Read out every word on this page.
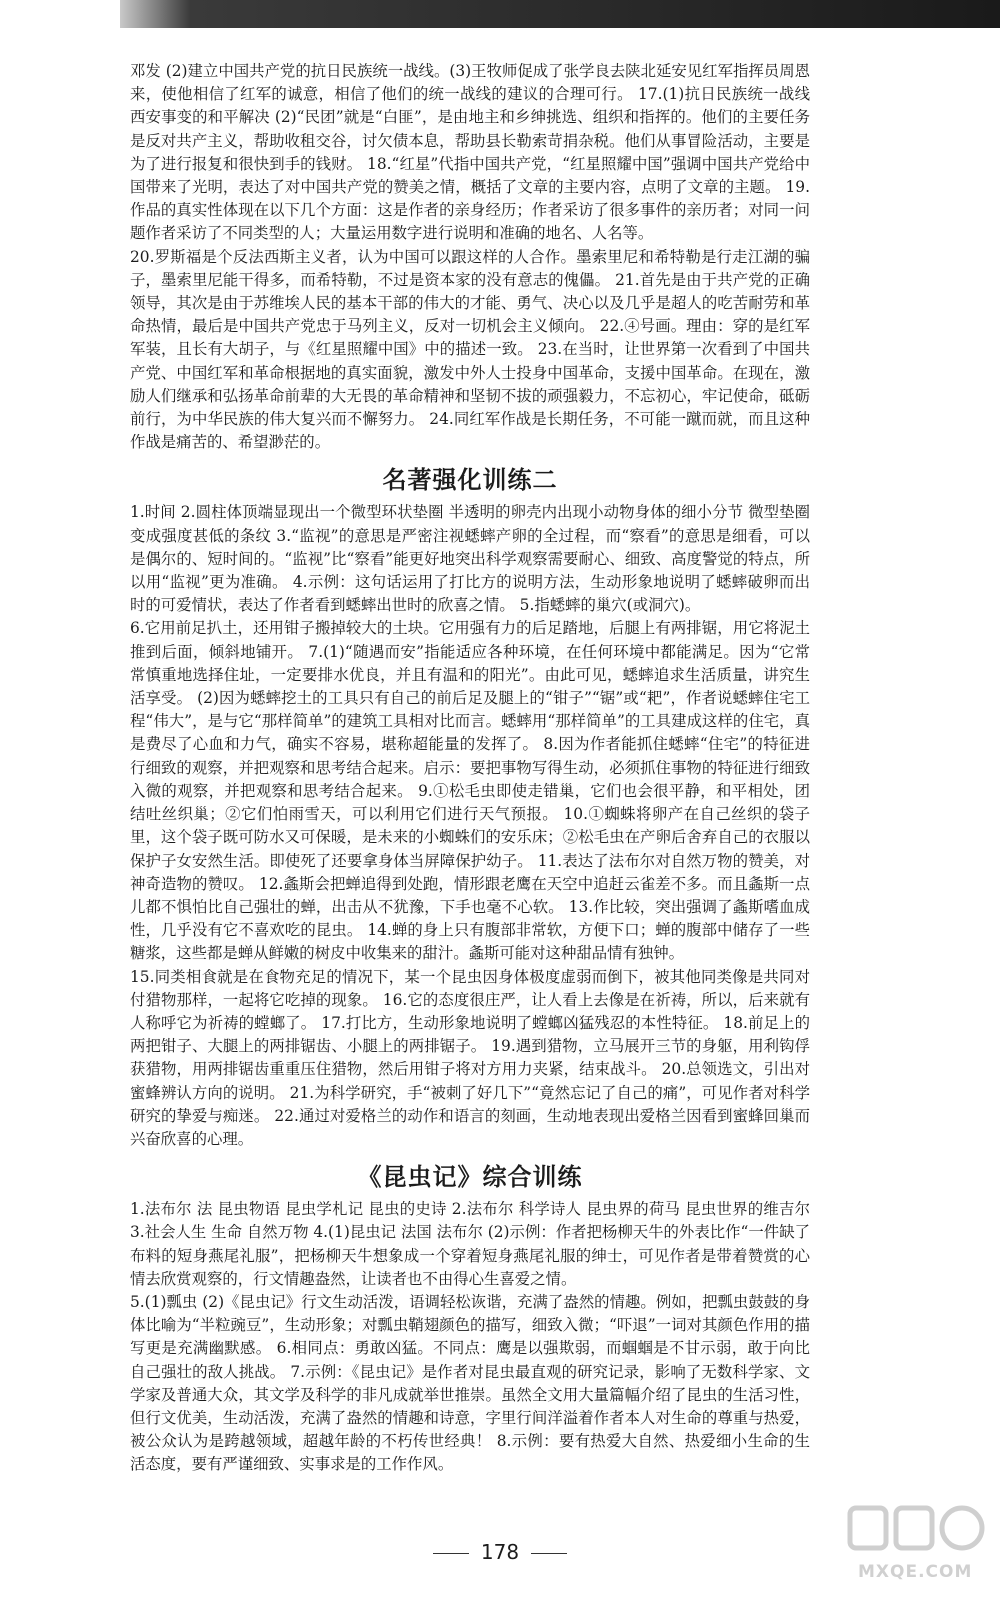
邓发 (2)建立中国共产党的抗日民族统一战线。(3)王牧师促成了张学良去陕北延安见红军指挥员周恩来，使他相信了红军的诚意，相信了他们的统一战线的建议的合理可行。 17.(1)抗日民族统一战线 西安事变的和平解决 (2)“民团”就是“白匪”，是由地主和乡绅挑选、组织和指挥的。他们的主要任务是反对共产主义，帮助收租交谷，讨欠债本息，帮助县长勒索苛捐杂税。他们从事冒险活动，主要是为了进行报复和很快到手的钱财。 18.“红星”代指中国共产党，“红星照耀中国”强调中国共产党给中国带来了光明，表达了对中国共产党的赞美之情，概括了文章的主要内容，点明了文章的主题。 19.作品的真实性体现在以下几个方面：这是作者的亲身经历；作者采访了很多事件的亲历者；对同一问题作者采访了不同类型的人；大量运用数字进行说明和准确的地名、人名等。

20.罗斯福是个反法西斯主义者，认为中国可以跟这样的人合作。墨索里尼和希特勒是行走江湖的骗子，墨索里尼能干得多，而希特勒，不过是资本家的没有意志的傀儡。 21.首先是由于共产党的正确领导，其次是由于苏维埃人民的基本干部的伟大的才能、勇气、决心以及几乎是超人的吃苦耐劳和革命热情，最后是中国共产党忠于马列主义，反对一切机会主义倾向。 22.④号画。理由：穿的是红军军装，且长有大胡子，与《红星照耀中国》中的描述一致。 23.在当时，让世界第一次看到了中国共产党、中国红军和革命根据地的真实面貌，激发中外人士投身中国革命，支援中国革命。在现在，激励人们继承和弘扬革命前辈的大无畏的革命精神和坚韧不拔的顽强毅力，不忘初心，牢记使命，砥砺前行，为中华民族的伟大复兴而不懈努力。 24.同红军作战是长期任务，不可能一蹴而就，而且这种作战是痛苦的、希望渺茫的。

名著强化训练二

1.时间 2.圆柱体顶端显现出一个微型环状垫圈 半透明的卵壳内出现小动物身体的细小分节 微型垫圈变成强度甚低的条纹 3.“监视”的意思是严密注视蟋蟀产卵的全过程，而“察看”的意思是细看，可以是偶尔的、短时间的。“监视”比“察看”能更好地突出科学观察需要耐心、细致、高度警觉的特点，所以用“监视”更为准确。 4.示例：这句话运用了打比方的说明方法，生动形象地说明了蟋蟀破卵而出时的可爱情状，表达了作者看到蟋蟀出世时的欣喜之情。 5.指蟋蟀的巢穴(或洞穴)。

6.它用前足扒土，还用钳子搬掉较大的土块。它用强有力的后足踏地，后腿上有两排锯，用它将泥土推到后面，倾斜地铺开。 7.(1)“随遇而安”指能适应各种环境，在任何环境中都能满足。因为“它常常慎重地选择住址，一定要排水优良，并且有温和的阳光”。由此可见，蟋蟀追求生活质量，讲究生活享受。 (2)因为蟋蟀挖土的工具只有自己的前后足及腿上的“钳子”“锯”或“耙”，作者说蟋蟀住宅工程“伟大”，是与它“那样简单”的建筑工具相对比而言。蟋蟀用“那样简单”的工具建成这样的住宅，真是费尽了心血和力气，确实不容易，堪称超能量的发挥了。 8.因为作者能抓住蟋蟀“住宅”的特征进行细致的观察，并把观察和思考结合起来。启示：要把事物写得生动，必须抓住事物的特征进行细致入微的观察，并把观察和思考结合起来。 9.①松毛虫即使走错巢，它们也会很平静，和平相处，团结吐丝织巢；②它们怕雨雪天，可以利用它们进行天气预报。 10.①蜘蛛将卵产在自己丝织的袋子里，这个袋子既可防水又可保暖，是未来的小蜘蛛们的安乐床；②松毛虫在产卵后舍弃自己的衣服以保护子女安然生活。即使死了还要拿身体当屏障保护幼子。 11.表达了法布尔对自然万物的赞美，对神奇造物的赞叹。 12.螽斯会把蝉追得到处跑，情形跟老鹰在天空中追赶云雀差不多。而且螽斯一点儿都不惧怕比自己强壮的蝉，出击从不犹豫，下手也毫不心软。 13.作比较，突出强调了螽斯嗜血成性，几乎没有它不喜欢吃的昆虫。 14.蝉的身上只有腹部非常软，方便下口；蝉的腹部中储存了一些糖浆，这些都是蝉从鲜嫩的树皮中收集来的甜汁。螽斯可能对这种甜品情有独钟。

15.同类相食就是在食物充足的情况下，某一个昆虫因身体极度虚弱而倒下，被其他同类像是共同对付猎物那样，一起将它吃掉的现象。 16.它的态度很庄严，让人看上去像是在祈祷，所以，后来就有人称呼它为祈祷的螳螂了。 17.打比方，生动形象地说明了螳螂凶猛残忍的本性特征。 18.前足上的两把钳子、大腿上的两排锯齿、小腿上的两排锯子。 19.遇到猎物，立马展开三节的身躯，用利钩俘获猎物，用两排锯齿重重压住猎物，然后用钳子将对方用力夹紧，结束战斗。 20.总领选文，引出对蜜蜂辨认方向的说明。 21.为科学研究，手“被刺了好几下”“竟然忘记了自己的痛”，可见作者对科学研究的挚爱与痴迷。 22.通过对爱格兰的动作和语言的刻画，生动地表现出爱格兰因看到蜜蜂回巢而兴奋欣喜的心理。

《昆虫记》综合训练

1.法布尔 法 昆虫物语 昆虫学札记 昆虫的史诗 2.法布尔 科学诗人 昆虫界的荷马 昆虫世界的维吉尔 3.社会人生 生命 自然万物 4.(1)昆虫记 法国 法布尔 (2)示例：作者把杨柳天牛的外表比作“一件缺了布料的短身燕尾礼服”，把杨柳天牛想象成一个穿着短身燕尾礼服的绅士，可见作者是带着赞赏的心情去欣赏观察的，行文情趣盎然，让读者也不由得心生喜爱之情。

5.(1)瓢虫 (2)《昆虫记》行文生动活泼，语调轻松诙谐，充满了盎然的情趣。例如，把瓢虫鼓鼓的身体比喻为“半粒豌豆”，生动形象；对瓢虫鞘翅颜色的描写，细致入微；“吓退”一词对其颜色作用的描写更是充满幽默感。 6.相同点：勇敢凶猛。不同点：鹰是以强欺弱，而蝈蝈是不甘示弱，敢于向比自己强壮的敌人挑战。 7.示例：《昆虫记》是作者对昆虫最直观的研究记录，影响了无数科学家、文学家及普通大众，其文学及科学的非凡成就举世推崇。虽然全文用大量篇幅介绍了昆虫的生活习性，但行文优美，生动活泼，充满了盎然的情趣和诗意，字里行间洋溢着作者本人对生命的尊重与热爱，被公众认为是跨越领域，超越年龄的不朽传世经典！ 8.示例：要有热爱大自然、热爱细小生命的生活态度，要有严谨细致、实事求是的工作作风。

178
MXQE.COM
